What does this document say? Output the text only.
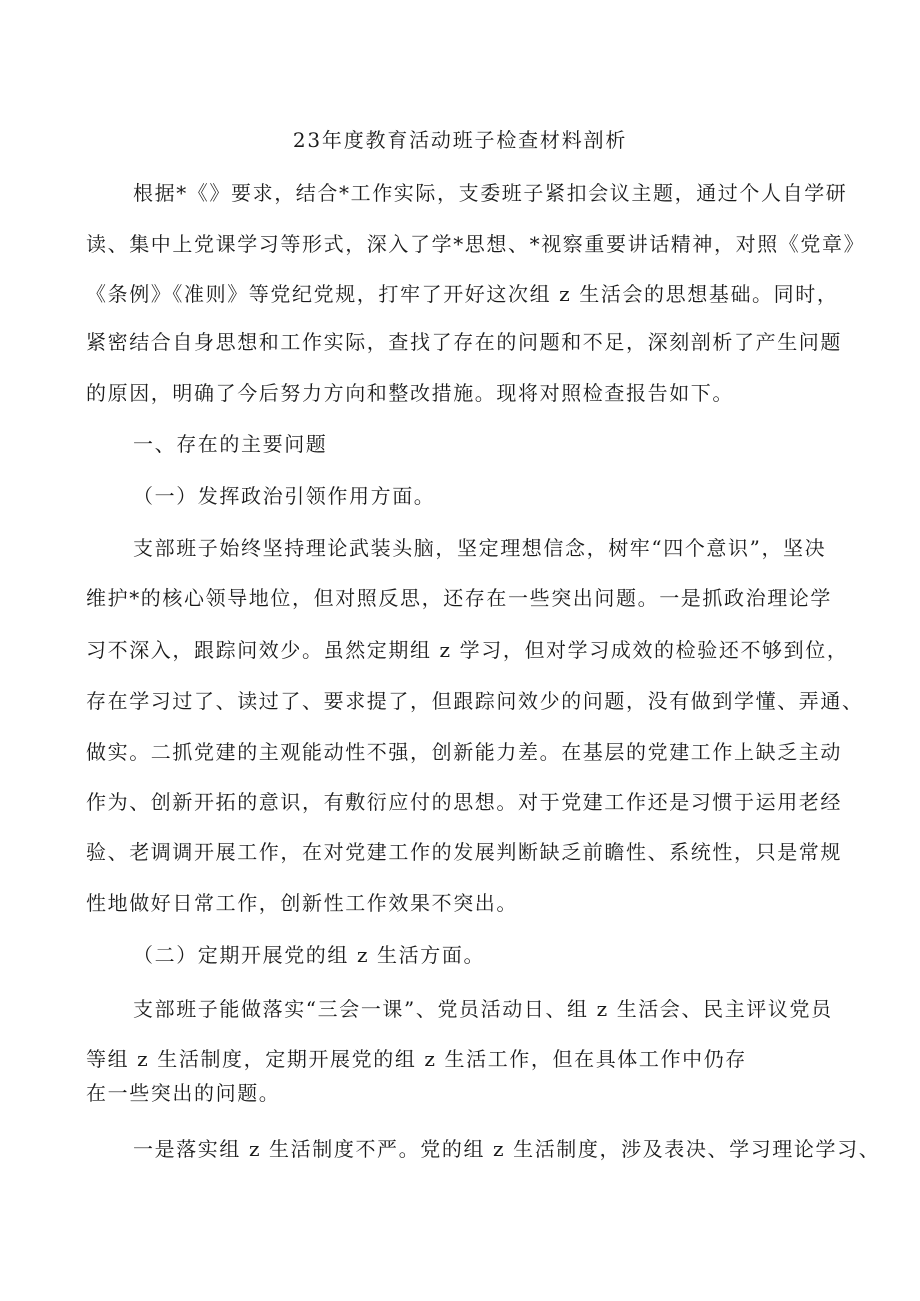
23年度教育活动班子检查材料剖析
根据*《》要求，结合*工作实际，支委班子紧扣会议主题，通过个人自学研
读、集中上党课学习等形式，深入了学*思想、*视察重要讲话精神，对照《党章》
《条例》《准则》等党纪党规，打牢了开好这次组 z 生活会的思想基础。同时，
紧密结合自身思想和工作实际，查找了存在的问题和不足，深刻剖析了产生问题
的原因，明确了今后努力方向和整改措施。现将对照检查报告如下。
一、存在的主要问题
（一）发挥政治引领作用方面。
支部班子始终坚持理论武装头脑，坚定理想信念，树牢“四个意识”，坚决
维护*的核心领导地位，但对照反思，还存在一些突出问题。一是抓政治理论学
习不深入，跟踪问效少。虽然定期组 z 学习，但对学习成效的检验还不够到位，
存在学习过了、读过了、要求提了，但跟踪问效少的问题，没有做到学懂、弄通、
做实。二抓党建的主观能动性不强，创新能力差。在基层的党建工作上缺乏主动
作为、创新开拓的意识，有敷衍应付的思想。对于党建工作还是习惯于运用老经
验、老调调开展工作，在对党建工作的发展判断缺乏前瞻性、系统性，只是常规
性地做好日常工作，创新性工作效果不突出。
（二）定期开展党的组 z 生活方面。
支部班子能做落实“三会一课”、党员活动日、组 z 生活会、民主评议党员
等组 z 生活制度，定期开展党的组 z 生活工作，但在具体工作中仍存
在一些突出的问题。
一是落实组 z 生活制度不严。党的组 z 生活制度，涉及表决、学习理论学习、
